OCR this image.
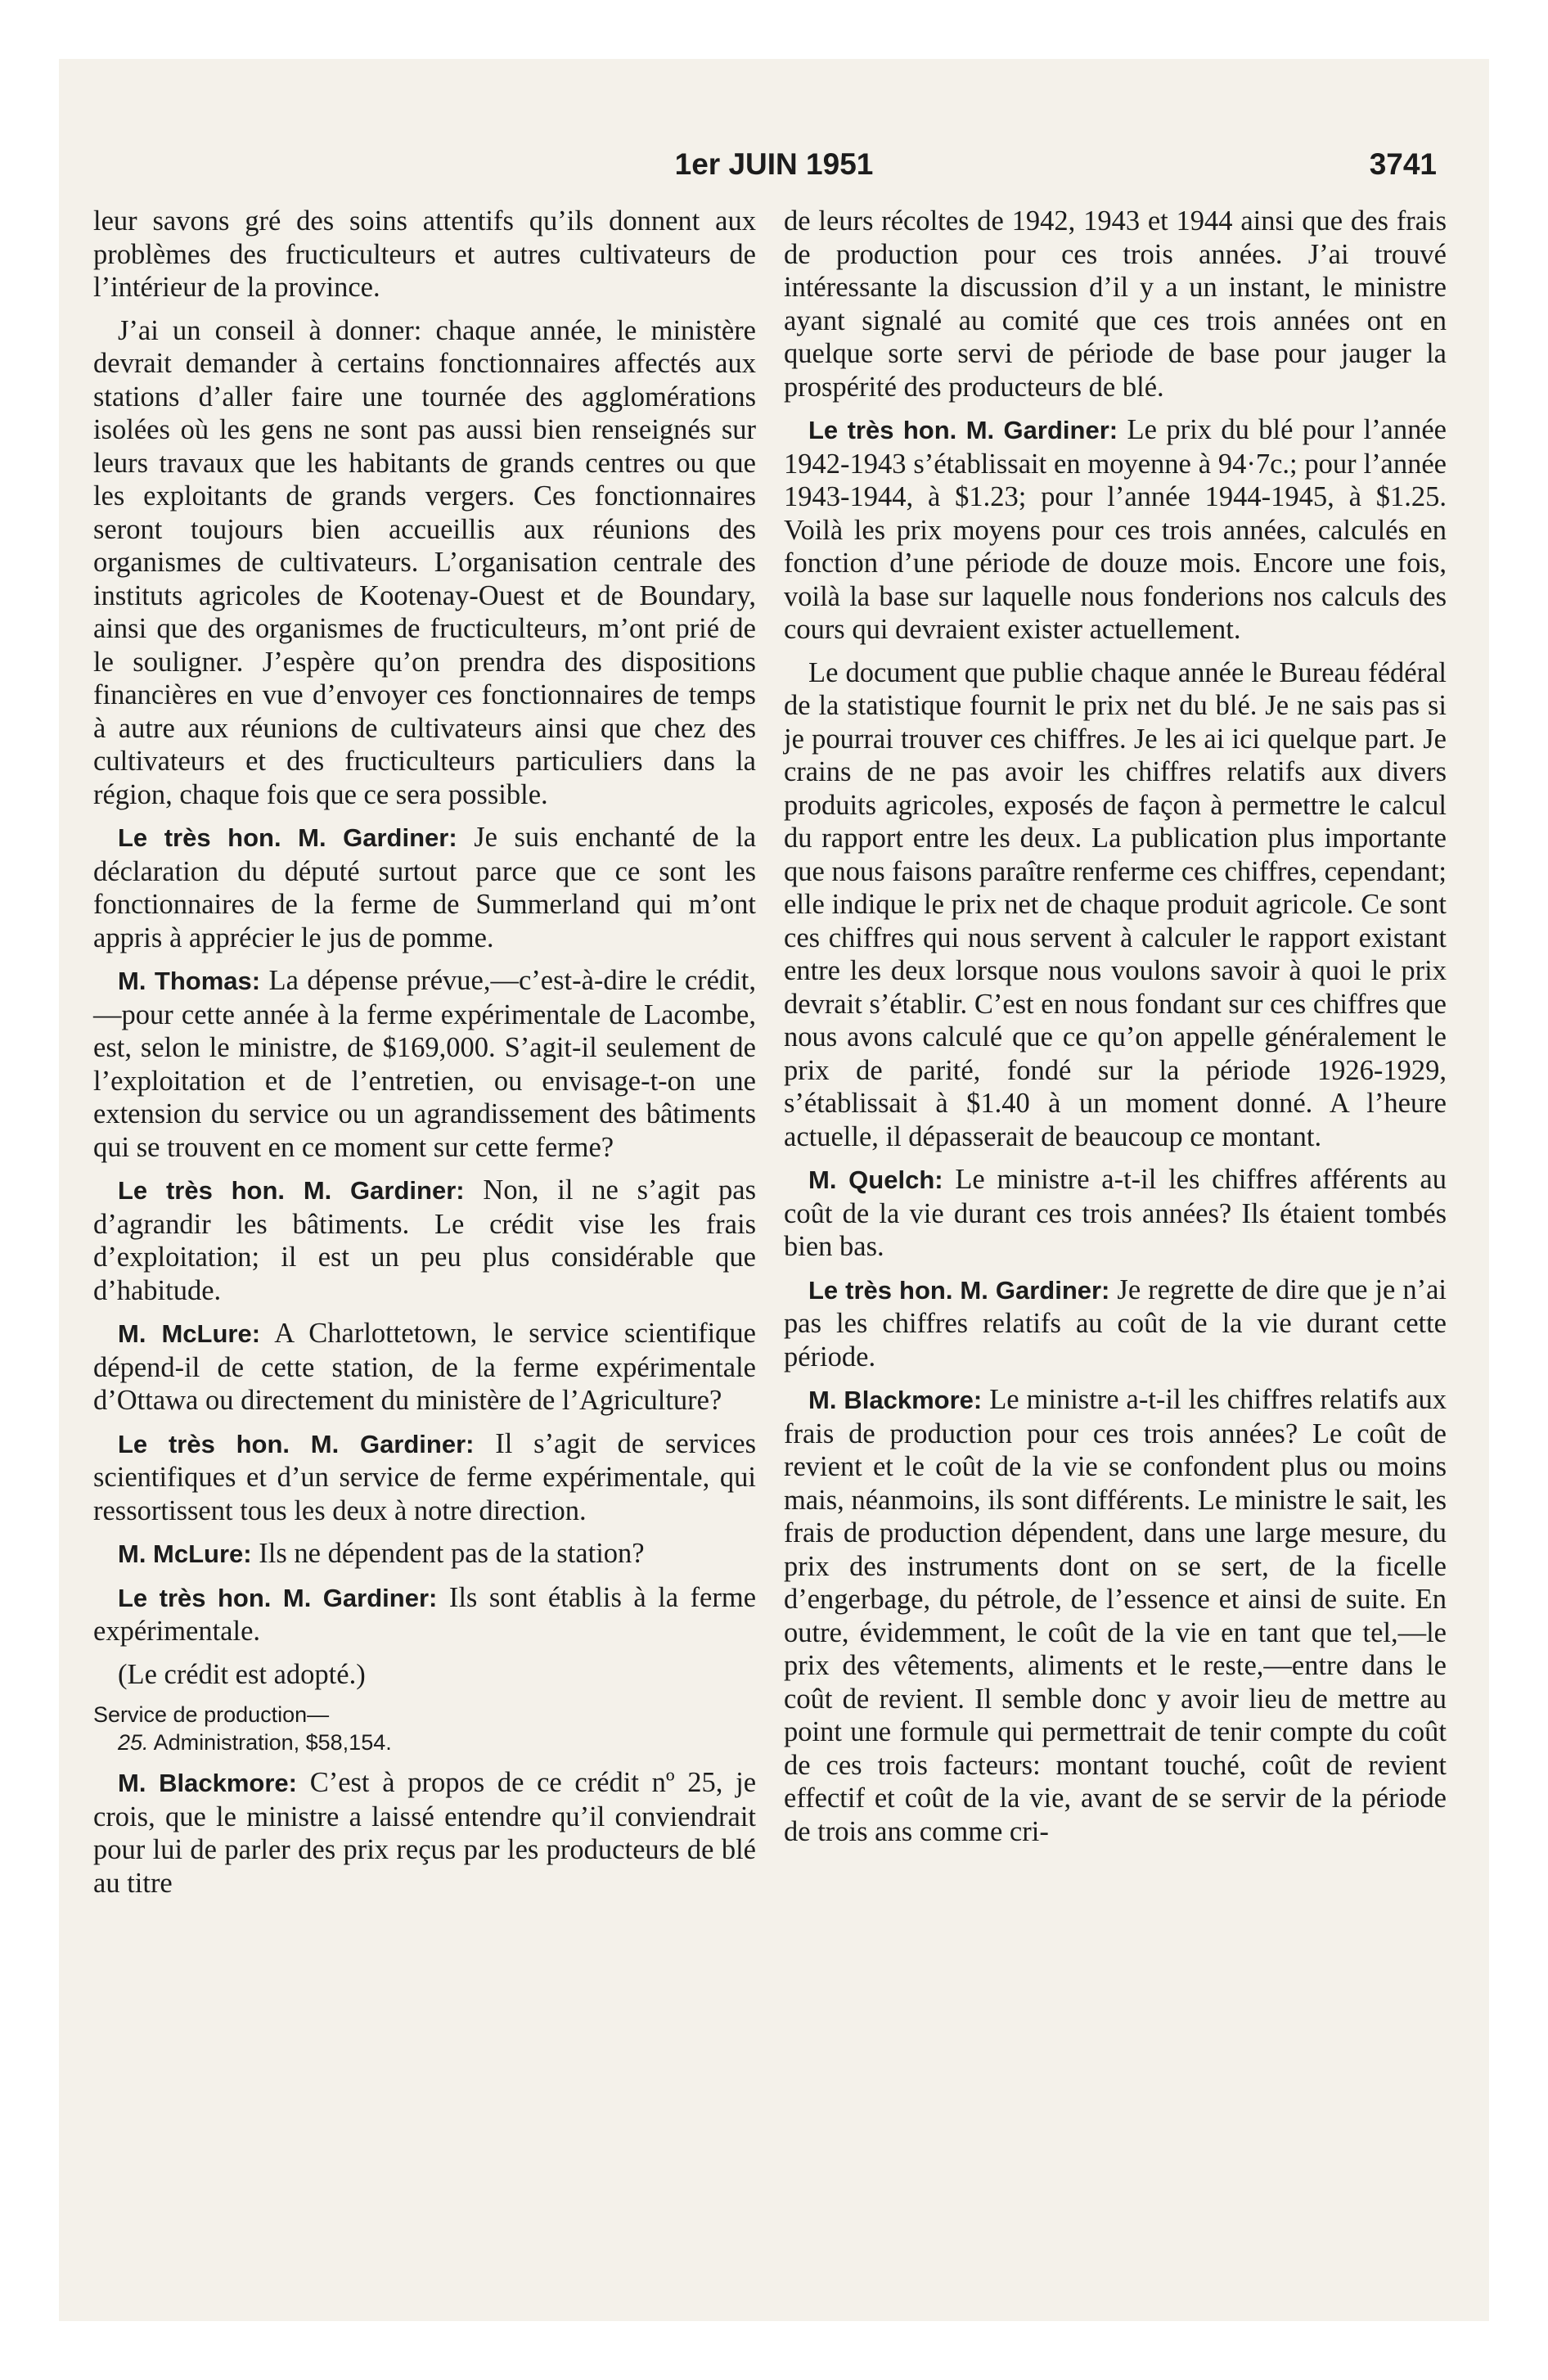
1er JUIN 1951	3741

leur savons gré des soins attentifs qu’ils donnent aux problèmes des fructiculteurs et autres cultivateurs de l’intérieur de la province.

J’ai un conseil à donner: chaque année, le ministère devrait demander à certains fonctionnaires affectés aux stations d’aller faire une tournée des agglomérations isolées où les gens ne sont pas aussi bien renseignés sur leurs travaux que les habitants de grands centres ou que les exploitants de grands vergers. Ces fonctionnaires seront toujours bien accueillis aux réunions des organismes de cultivateurs. L’organisation centrale des instituts agricoles de Kootenay-Ouest et de Boundary, ainsi que des organismes de fructiculteurs, m’ont prié de le souligner. J’espère qu’on prendra des dispositions financières en vue d’envoyer ces fonctionnaires de temps à autre aux réunions de cultivateurs ainsi que chez des cultivateurs et des fructiculteurs particuliers dans la région, chaque fois que ce sera possible.

Le très hon. M. Gardiner: Je suis enchanté de la déclaration du député surtout parce que ce sont les fonctionnaires de la ferme de Summerland qui m’ont appris à apprécier le jus de pomme.

M. Thomas: La dépense prévue,—c’est-à-dire le crédit,—pour cette année à la ferme expérimentale de Lacombe, est, selon le ministre, de $169,000. S’agit-il seulement de l’exploitation et de l’entretien, ou envisage-t-on une extension du service ou un agrandissement des bâtiments qui se trouvent en ce moment sur cette ferme?

Le très hon. M. Gardiner: Non, il ne s’agit pas d’agrandir les bâtiments. Le crédit vise les frais d’exploitation; il est un peu plus considérable que d’habitude.

M. McLure: A Charlottetown, le service scientifique dépend-il de cette station, de la ferme expérimentale d’Ottawa ou directement du ministère de l’Agriculture?

Le très hon. M. Gardiner: Il s’agit de services scientifiques et d’un service de ferme expérimentale, qui ressortissent tous les deux à notre direction.

M. McLure: Ils ne dépendent pas de la station?

Le très hon. M. Gardiner: Ils sont établis à la ferme expérimentale.

(Le crédit est adopté.)

Service de production—

25. Administration, $58,154.

M. Blackmore: C’est à propos de ce crédit nº 25, je crois, que le ministre a laissé entendre qu’il conviendrait pour lui de parler des prix reçus par les producteurs de blé au titre

de leurs récoltes de 1942, 1943 et 1944 ainsi que des frais de production pour ces trois années. J’ai trouvé intéressante la discussion d’il y a un instant, le ministre ayant signalé au comité que ces trois années ont en quelque sorte servi de période de base pour jauger la prospérité des producteurs de blé.

Le très hon. M. Gardiner: Le prix du blé pour l’année 1942-1943 s’établissait en moyenne à 94·7c.; pour l’année 1943-1944, à $1.23; pour l’année 1944-1945, à $1.25. Voilà les prix moyens pour ces trois années, calculés en fonction d’une période de douze mois. Encore une fois, voilà la base sur laquelle nous fonderions nos calculs des cours qui devraient exister actuellement.

Le document que publie chaque année le Bureau fédéral de la statistique fournit le prix net du blé. Je ne sais pas si je pourrai trouver ces chiffres. Je les ai ici quelque part. Je crains de ne pas avoir les chiffres relatifs aux divers produits agricoles, exposés de façon à permettre le calcul du rapport entre les deux. La publication plus importante que nous faisons paraître renferme ces chiffres, cependant; elle indique le prix net de chaque produit agricole. Ce sont ces chiffres qui nous servent à calculer le rapport existant entre les deux lorsque nous voulons savoir à quoi le prix devrait s’établir. C’est en nous fondant sur ces chiffres que nous avons calculé que ce qu’on appelle généralement le prix de parité, fondé sur la période 1926-1929, s’établissait à $1.40 à un moment donné. A l’heure actuelle, il dépasserait de beaucoup ce montant.

M. Quelch: Le ministre a-t-il les chiffres afférents au coût de la vie durant ces trois années? Ils étaient tombés bien bas.

Le très hon. M. Gardiner: Je regrette de dire que je n’ai pas les chiffres relatifs au coût de la vie durant cette période.

M. Blackmore: Le ministre a-t-il les chiffres relatifs aux frais de production pour ces trois années? Le coût de revient et le coût de la vie se confondent plus ou moins mais, néanmoins, ils sont différents. Le ministre le sait, les frais de production dépendent, dans une large mesure, du prix des instruments dont on se sert, de la ficelle d’engerbage, du pétrole, de l’essence et ainsi de suite. En outre, évidemment, le coût de la vie en tant que tel,—le prix des vêtements, aliments et le reste,—entre dans le coût de revient. Il semble donc y avoir lieu de mettre au point une formule qui permettrait de tenir compte du coût de ces trois facteurs: montant touché, coût de revient effectif et coût de la vie, avant de se servir de la période de trois ans comme cri-
